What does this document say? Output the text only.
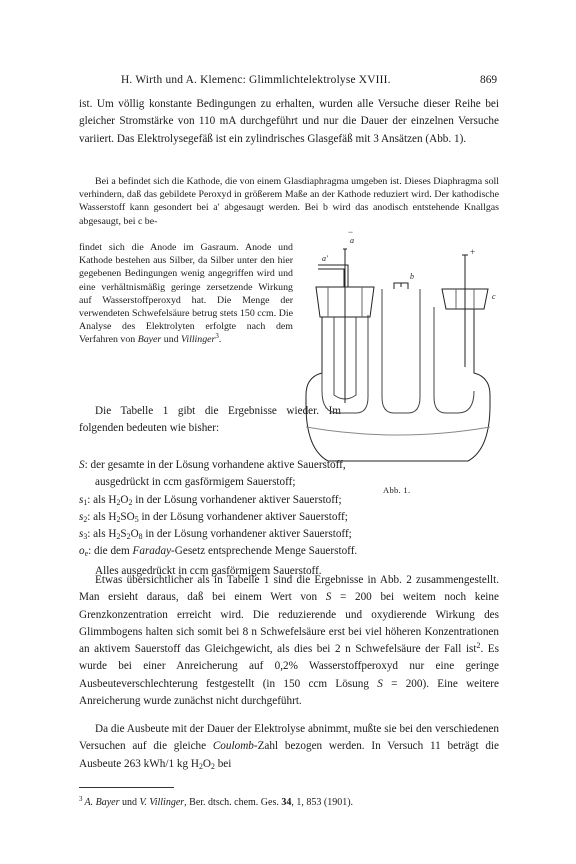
H. Wirth und A. Klemenc: Glimmlichtelektrolyse XVIII.	869

ist. Um völlig konstante Bedingungen zu erhalten, wurden alle Versuche dieser Reihe bei gleicher Stromstärke von 110 mA durchgeführt und nur die Dauer der einzelnen Versuche variiert. Das Elektrolysegefäß ist ein zylindrisches Glasgefäß mit 3 Ansätzen (Abb. 1).

Bei a befindet sich die Kathode, die von einem Glasdiaphragma umgeben ist. Dieses Diaphragma soll verhindern, daß das gebildete Peroxyd in größerem Maße an der Kathode reduziert wird. Der kathodische Wasserstoff kann gesondert bei a′ abgesaugt werden. Bei b wird das anodisch entstehende Knallgas abgesaugt, bei c be-

findet sich die Anode im Gasraum. Anode und Kathode bestehen aus Silber, da Silber unter den hier gegebenen Bedingungen wenig angegriffen wird und eine verhältnismäßig geringe zersetzende Wirkung auf Wasserstoffperoxyd hat. Die Menge der verwendeten Schwefelsäure betrug stets 150 ccm. Die Analyse des Elektrolyten erfolgte nach dem Verfahren von Bayer und Villinger$^3$.

Die Tabelle 1 gibt die Ergebnisse wieder. Im folgenden bedeuten wie bisher:

S: der gesamte in der Lösung vorhandene aktive Sauerstoff, ausgedrückt in ccm gasförmigem Sauerstoff;

$s_1$: als $H_2O_2$ in der Lösung vorhandener aktiver Sauerstoff;

$s_2$: als $H_2SO_5$ in der Lösung vorhandener aktiver Sauerstoff;

$s_3$: als $H_2S_2O_8$ in der Lösung vorhandener aktiver Sauerstoff;

$o_e$: die dem Faraday-Gesetz entsprechende Menge Sauerstoff.

Alles ausgedrückt in ccm gasförmigem Sauerstoff.

Etwas übersichtlicher als in Tabelle 1 sind die Ergebnisse in Abb. 2 zusammengestellt. Man ersieht daraus, daß bei einem Wert von S = 200 bei weitem noch keine Grenzkonzentration erreicht wird. Die reduzierende und oxydierende Wirkung des Glimmbogens halten sich somit bei 8 n Schwefelsäure erst bei viel höheren Konzentrationen an aktivem Sauerstoff das Gleichgewicht, als dies bei 2 n Schwefelsäure der Fall ist$^2$. Es wurde bei einer Anreicherung auf 0,2% Wasserstoffperoxyd nur eine geringe Ausbeuteverschlechterung festgestellt (in 150 ccm Lösung S = 200). Eine weitere Anreicherung wurde zunächst nicht durchgeführt.

Da die Ausbeute mit der Dauer der Elektrolyse abnimmt, mußte sie bei den verschiedenen Versuchen auf die gleiche Coulomb-Zahl bezogen werden. In Versuch 11 beträgt die Ausbeute 263 kWh/1 kg $H_2O_2$ bei

$^3$  A. Bayer und V. Villinger, Ber. dtsch. chem. Ges. 34, 1, 853 (1901).
a
a′
b
c
−
+
Abb. 1.
